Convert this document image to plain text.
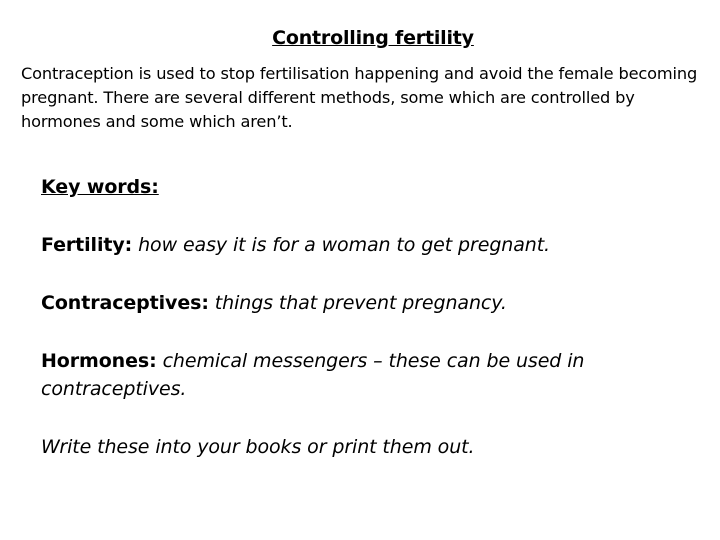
Controlling fertility
Contraception is used to stop fertilisation happening and avoid the female becoming pregnant. There are several different methods, some which are controlled by hormones and some which aren’t.

Key words:

Fertility: how easy it is for a woman to get pregnant.

Contraceptives: things that prevent pregnancy.

Hormones: chemical messengers – these can be used in contraceptives.

Write these into your books or print them out.
